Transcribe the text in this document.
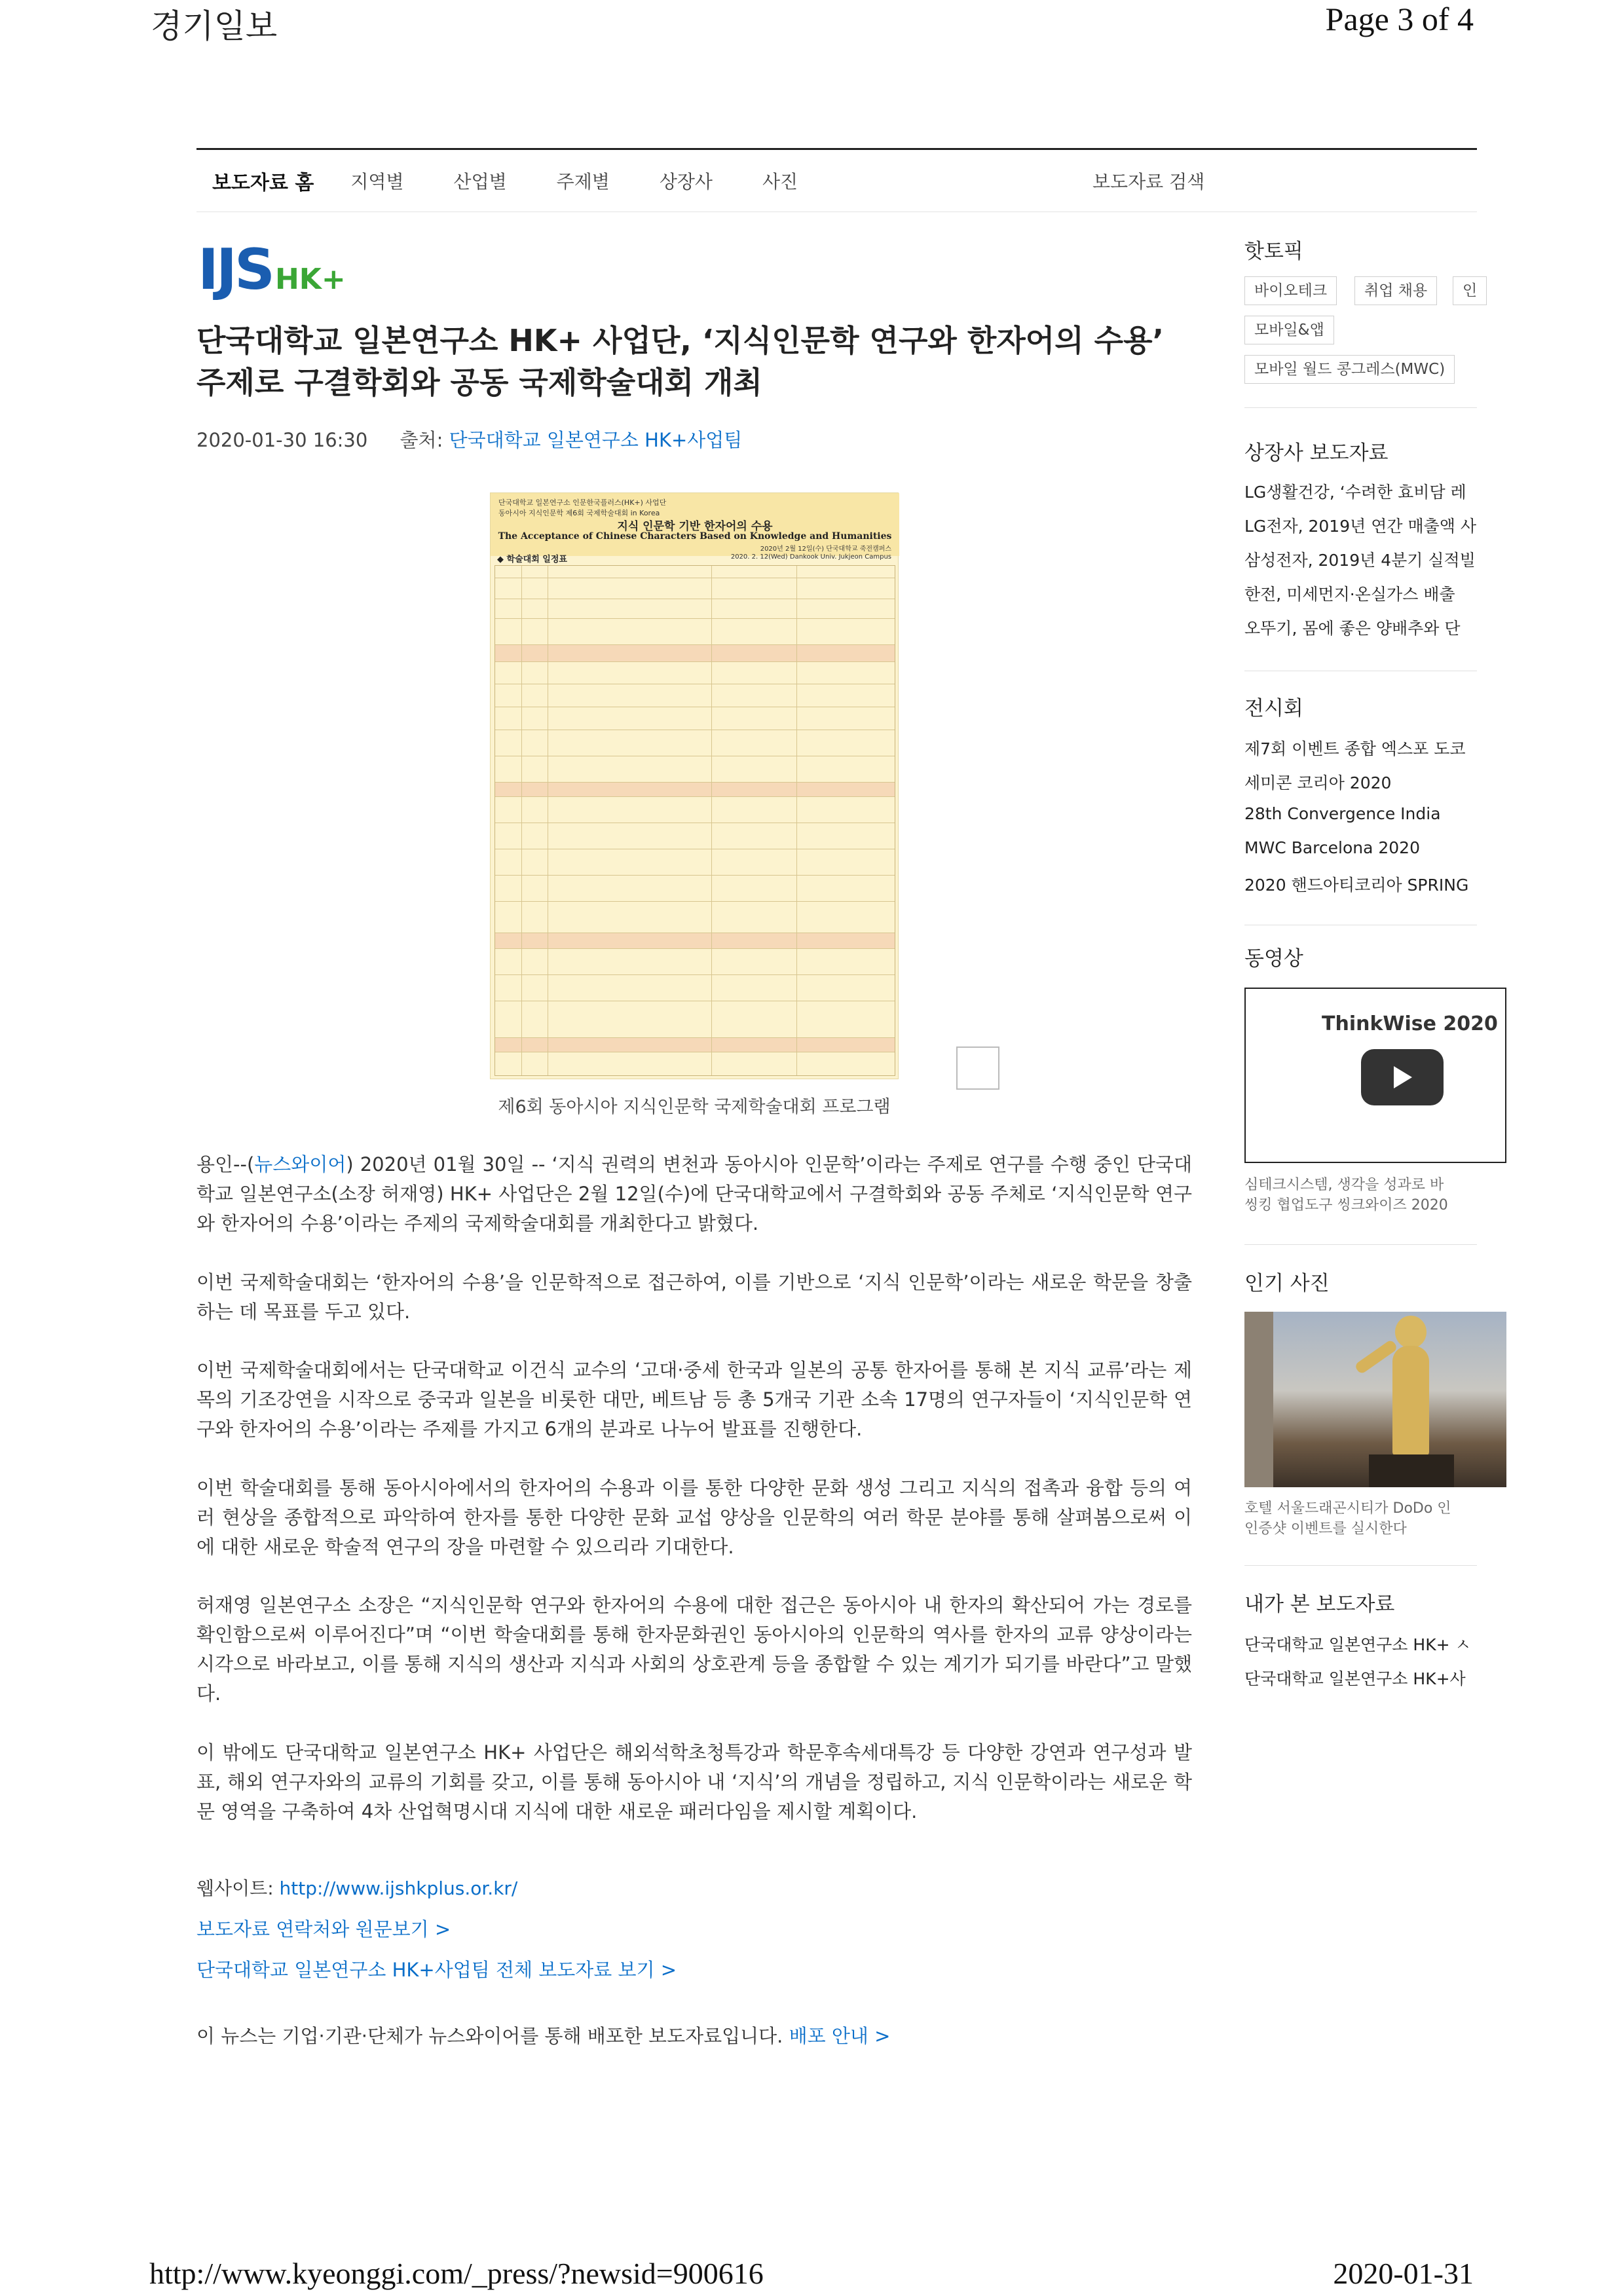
경기일보	Page 3 of 4
보도자료 홈 지역별	산업별	주제별	상장사	사진	보도자료 검색
IJS HK+
단국대학교 일본연구소 HK+ 사업단, ‘지식인문학 연구와 한자어의 수용’
주제로 구결학회와 공동 국제학술대회 개최
2020-01-30 16:30 출처: 단국대학교 일본연구소 HK+사업팀
단국대학교 일본연구소 인문한국플러스(HK+) 사업단
동아시아 지식인문학 제6회 국제학술대회 in Korea
지식 인문학 기반 한자어의 수용
The Acceptance of Chinese Characters Based on Knowledge and Humanities
2020년 2월 12일(수) 단국대학교 죽전캠퍼스
2020. 2. 12(Wed) Dankook Univ. Jukjeon Campus
◆ 학술대회 일정표
제6회 동아시아 지식인문학 국제학술대회 프로그램
용인--(뉴스와이어) 2020년 01월 30일 -- ‘지식 권력의 변천과 동아시아 인문학’이라는 주제로 연구를 수행 중인 단국대학교 일본연구소(소장 허재영) HK+ 사업단은 2월 12일(수)에 단국대학교에서 구결학회와 공동 주체로 ‘지식인문학 연구와 한자어의 수용’이라는 주제의 국제학술대회를 개최한다고 밝혔다.
이번 국제학술대회는 ‘한자어의 수용’을 인문학적으로 접근하여, 이를 기반으로 ‘지식 인문학’이라는 새로운 학문을 창출하는 데 목표를 두고 있다.
이번 국제학술대회에서는 단국대학교 이건식 교수의 ‘고대·중세 한국과 일본의 공통 한자어를 통해 본 지식 교류’라는 제목의 기조강연을 시작으로 중국과 일본을 비롯한 대만, 베트남 등 총 5개국 기관 소속 17명의 연구자들이 ‘지식인문학 연구와 한자어의 수용’이라는 주제를 가지고 6개의 분과로 나누어 발표를 진행한다.
이번 학술대회를 통해 동아시아에서의 한자어의 수용과 이를 통한 다양한 문화 생성 그리고 지식의 접촉과 융합 등의 여러 현상을 종합적으로 파악하여 한자를 통한 다양한 문화 교섭 양상을 인문학의 여러 학문 분야를 통해 살펴봄으로써 이에 대한 새로운 학술적 연구의 장을 마련할 수 있으리라 기대한다.
허재영 일본연구소 소장은 “지식인문학 연구와 한자어의 수용에 대한 접근은 동아시아 내 한자의 확산되어 가는 경로를 확인함으로써 이루어진다”며 “이번 학술대회를 통해 한자문화권인 동아시아의 인문학의 역사를 한자의 교류 양상이라는 시각으로 바라보고, 이를 통해 지식의 생산과 지식과 사회의 상호관계 등을 종합할 수 있는 계기가 되기를 바란다”고 말했다.
이 밖에도 단국대학교 일본연구소 HK+ 사업단은 해외석학초청특강과 학문후속세대특강 등 다양한 강연과 연구성과 발표, 해외 연구자와의 교류의 기회를 갖고, 이를 통해 동아시아 내 ‘지식’의 개념을 정립하고, 지식 인문학이라는 새로운 학문 영역을 구축하여 4차 산업혁명시대 지식에 대한 새로운 패러다임을 제시할 계획이다.
웹사이트: http://www.ijshkplus.or.kr/
보도자료 연락처와 원문보기 >
단국대학교 일본연구소 HK+사업팀 전체 보도자료 보기 >
이 뉴스는 기업·기관·단체가 뉴스와이어를 통해 배포한 보도자료입니다. 배포 안내 >
핫토픽
바이오테크	취업 채용	인
모바일&앱
모바일 월드 콩그레스(MWC)
상장사 보도자료
LG생활건강, ‘수려한 효비담 레
LG전자, 2019년 연간 매출액 사
삼성전자, 2019년 4분기 실적빌
한전, 미세먼지·온실가스 배출
오뚜기, 몸에 좋은 양배추와 단
전시회
제7회 이벤트 종합 엑스포 도코
세미콘 코리아 2020
28th Convergence India
MWC Barcelona 2020
2020 핸드아티코리아 SPRING
동영상
ThinkWise 2020
심테크시스템, 생각을 성과로 바
씽킹 협업도구 씽크와이즈 2020
인기 사진
호텔 서울드래곤시티가 DoDo 인
인증샷 이벤트를 실시한다
내가 본 보도자료
단국대학교 일본연구소 HK+ ㅅ
단국대학교 일본연구소 HK+사
http://www.kyeonggi.com/_press/?newsid=900616	2020-01-31
